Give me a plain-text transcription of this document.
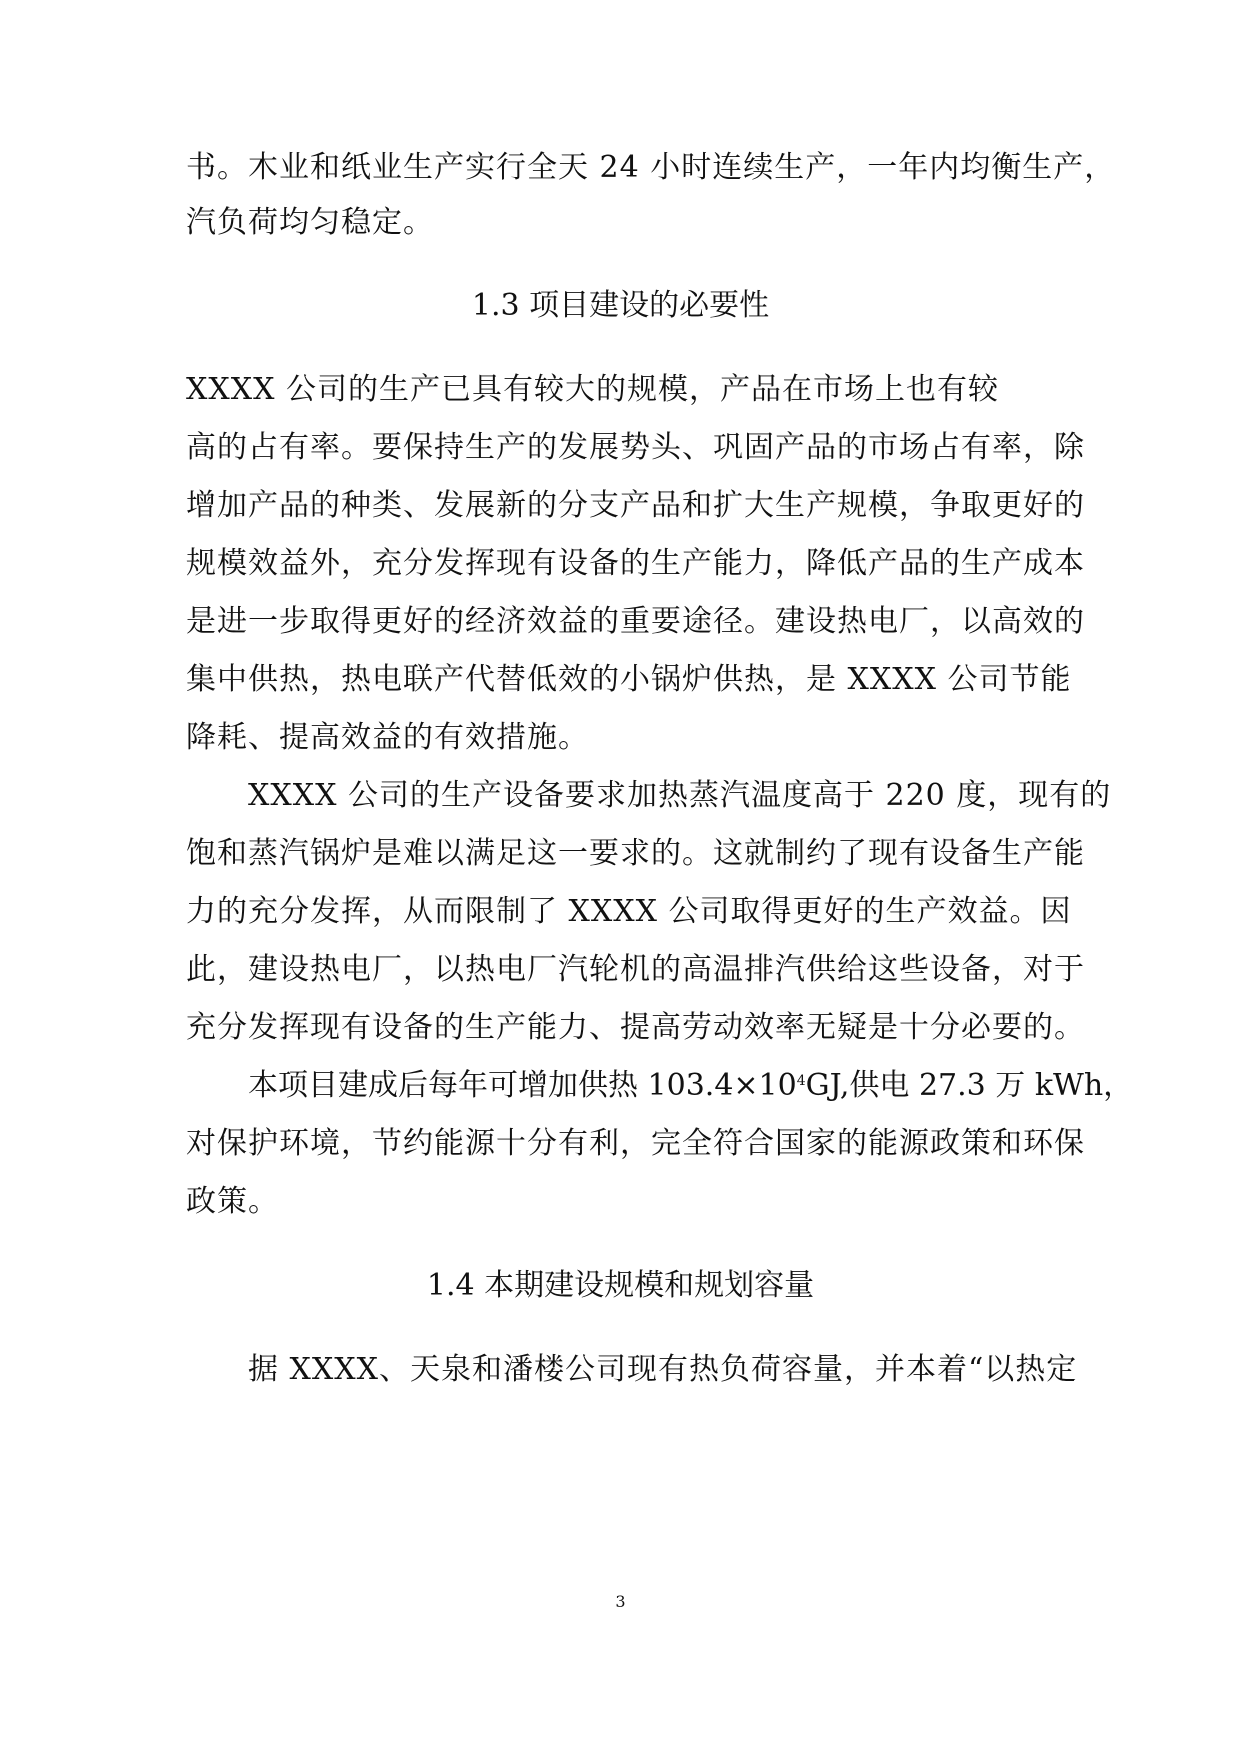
书。木业和纸业生产实行全天 24 小时连续生产，一年内均衡生产，
汽负荷均匀稳定。
1.3 项目建设的必要性
XXXX 公司的生产已具有较大的规模，产品在市场上也有较
高的占有率。要保持生产的发展势头、巩固产品的市场占有率，除
增加产品的种类、发展新的分支产品和扩大生产规模，争取更好的
规模效益外，充分发挥现有设备的生产能力，降低产品的生产成本
是进一步取得更好的经济效益的重要途径。建设热电厂，以高效的
集中供热，热电联产代替低效的小锅炉供热，是 XXXX 公司节能
降耗、提高效益的有效措施。
XXXX 公司的生产设备要求加热蒸汽温度高于 220 度，现有的
饱和蒸汽锅炉是难以满足这一要求的。这就制约了现有设备生产能
力的充分发挥，从而限制了 XXXX 公司取得更好的生产效益。因
此，建设热电厂，以热电厂汽轮机的高温排汽供给这些设备，对于
充分发挥现有设备的生产能力、提高劳动效率无疑是十分必要的。
本项目建成后每年可增加供热 $103.4\times 10^4GJ$,供电 27.3 万 kWh，
对保护环境，节约能源十分有利，完全符合国家的能源政策和环保
政策。
1.4 本期建设规模和规划容量
据 XXXX、天泉和潘楼公司现有热负荷容量，并本着“以热定
3
